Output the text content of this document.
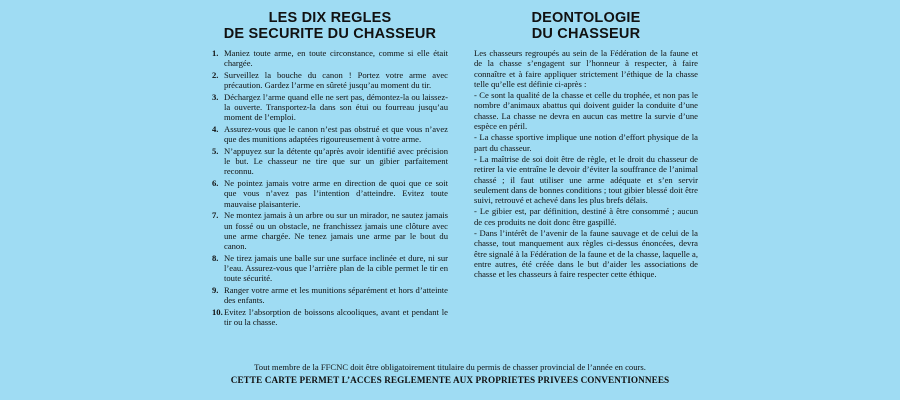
LES DIX REGLES
DE SECURITE DU CHASSEUR
1. Maniez toute arme, en toute circonstance, comme si elle était chargée.
2. Surveillez la bouche du canon ! Portez votre arme avec précaution. Gardez l’arme en sûreté jusqu’au moment du tir.
3. Déchargez l’arme quand elle ne sert pas, démontez-la ou laissez-la ouverte. Transportez-la dans son étui ou fourreau jusqu’au moment de l’emploi.
4. Assurez-vous que le canon n’est pas obstrué et que vous n’avez que des munitions adaptées rigoureusement à votre arme.
5. N’appuyez sur la détente qu’après avoir identifié avec précision le but. Le chasseur ne tire que sur un gibier parfaitement reconnu.
6. Ne pointez jamais votre arme en direction de quoi que ce soit que vous n’avez pas l’intention d’atteindre. Evitez toute mauvaise plaisanterie.
7. Ne montez jamais à un arbre ou sur un mirador, ne sautez jamais un fossé ou un obstacle, ne franchissez jamais une clôture avec une arme chargée. Ne tenez jamais une arme par le bout du canon.
8. Ne tirez jamais une balle sur une surface inclinée et dure, ni sur l’eau. Assurez-vous que l’arrière plan de la cible permet le tir en toute sécurité.
9. Ranger votre arme et les munitions séparément et hors d’atteinte des enfants.
10. Evitez l’absorption de boissons alcooliques, avant et pendant le tir ou la chasse.
DEONTOLOGIE
DU CHASSEUR

Les chasseurs regroupés au sein de la Fédération de la faune et de la chasse s’engagent sur l’honneur à respecter, à faire connaître et à faire appliquer strictement l’éthique de la chasse telle qu’elle est définie ci-après :

- Ce sont la qualité de la chasse et celle du trophée, et non pas le nombre d’animaux abattus qui doivent guider la conduite d’une chasse. La chasse ne devra en aucun cas mettre la survie d’une espèce en péril.

- La chasse sportive implique une notion d’effort physique de la part du chasseur.

- La maîtrise de soi doit être de règle, et le droit du chasseur de retirer la vie entraîne le devoir d’éviter la souffrance de l’animal chassé ; il faut utiliser une arme adéquate et s’en servir seulement dans de bonnes conditions ; tout gibier blessé doit être suivi, retrouvé et achevé dans les plus brefs délais.

- Le gibier est, par définition, destiné à être consommé ; aucun de ces produits ne doit donc être gaspillé.

- Dans l’intérêt de l’avenir de la faune sauvage et de celui de la chasse, tout manquement aux règles ci-dessus énoncées, devra être signalé à la Fédération de la faune et de la chasse, laquelle a, entre autres, été créée dans le but d’aider les associations de chasse et les chasseurs à faire respecter cette éthique.

Tout membre de la FFCNC doit être obligatoirement titulaire du permis de chasser provincial de l’année en cours.
CETTE CARTE PERMET L’ACCES REGLEMENTE AUX PROPRIETES PRIVEES CONVENTIONNEES
